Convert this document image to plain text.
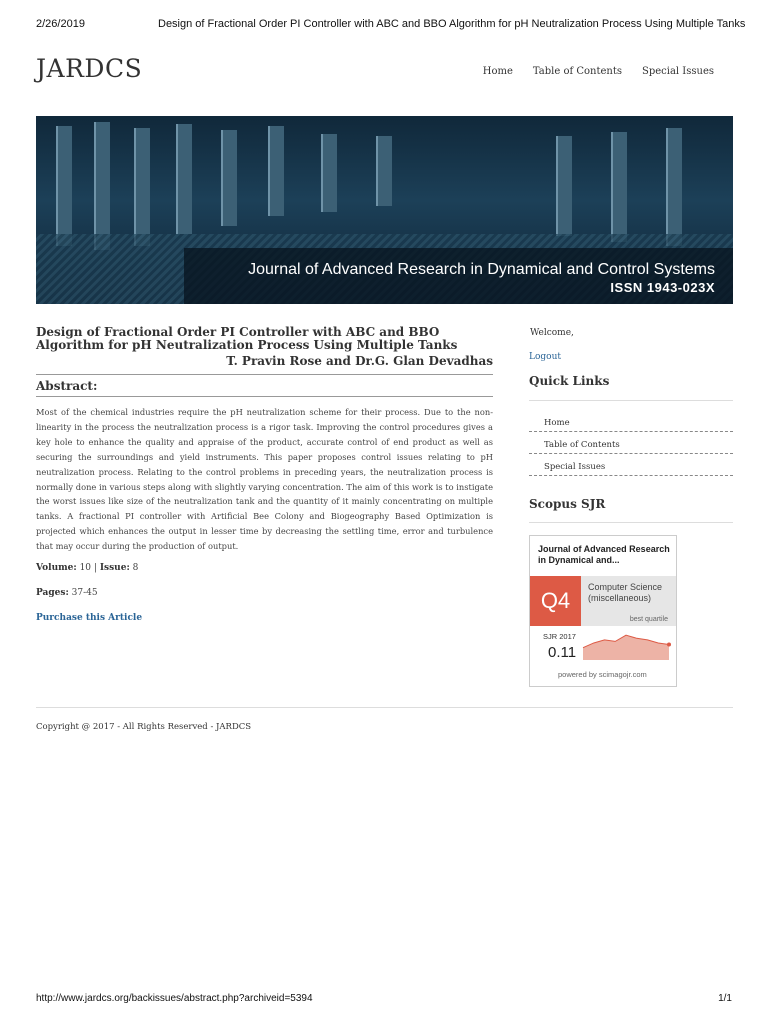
2/26/2019	Design of Fractional Order PI Controller with ABC and BBO Algorithm for pH Neutralization Process Using Multiple Tanks
JARDCS	Home Table of Contents Special Issues
Journal of Advanced Research in Dynamical and Control Systems
ISSN 1943-023X
Design of Fractional Order PI Controller with ABC and BBO Algorithm for pH Neutralization Process Using Multiple Tanks
T. Pravin Rose and Dr.G. Glan Devadhas
Abstract:

Most of the chemical industries require the pH neutralization scheme for their process. Due to the non-linearity in the process the neutralization process is a rigor task. Improving the control procedures gives a key hole to enhance the quality and appraise of the product, accurate control of end product as well as securing the surroundings and yield instruments. This paper proposes control issues relating to pH neutralization process. Relating to the control problems in preceding years, the neutralization process is normally done in various steps along with slightly varying concentration. The aim of this work is to instigate the worst issues like size of the neutralization tank and the quantity of it mainly concentrating on multiple tanks. A fractional PI controller with Artificial Bee Colony and Biogeography Based Optimization is projected which enhances the output in lesser time by decreasing the settling time, error and turbulence that may occur during the production of output.

Volume: 10 | Issue: 8
Pages: 37-45
Purchase this Article
Welcome,
Logout
Quick Links
Home
Table of Contents
Special Issues
Scopus SJR
Journal of Advanced Research in Dynamical and...
Q4
Computer Science (miscellaneous)
best quartile
SJR 2017
0.11
powered by scimagojr.com
Copyright @ 2017 - All Rights Reserved - JARDCS
http://www.jardcs.org/backissues/abstract.php?archiveid=5394	1/1
